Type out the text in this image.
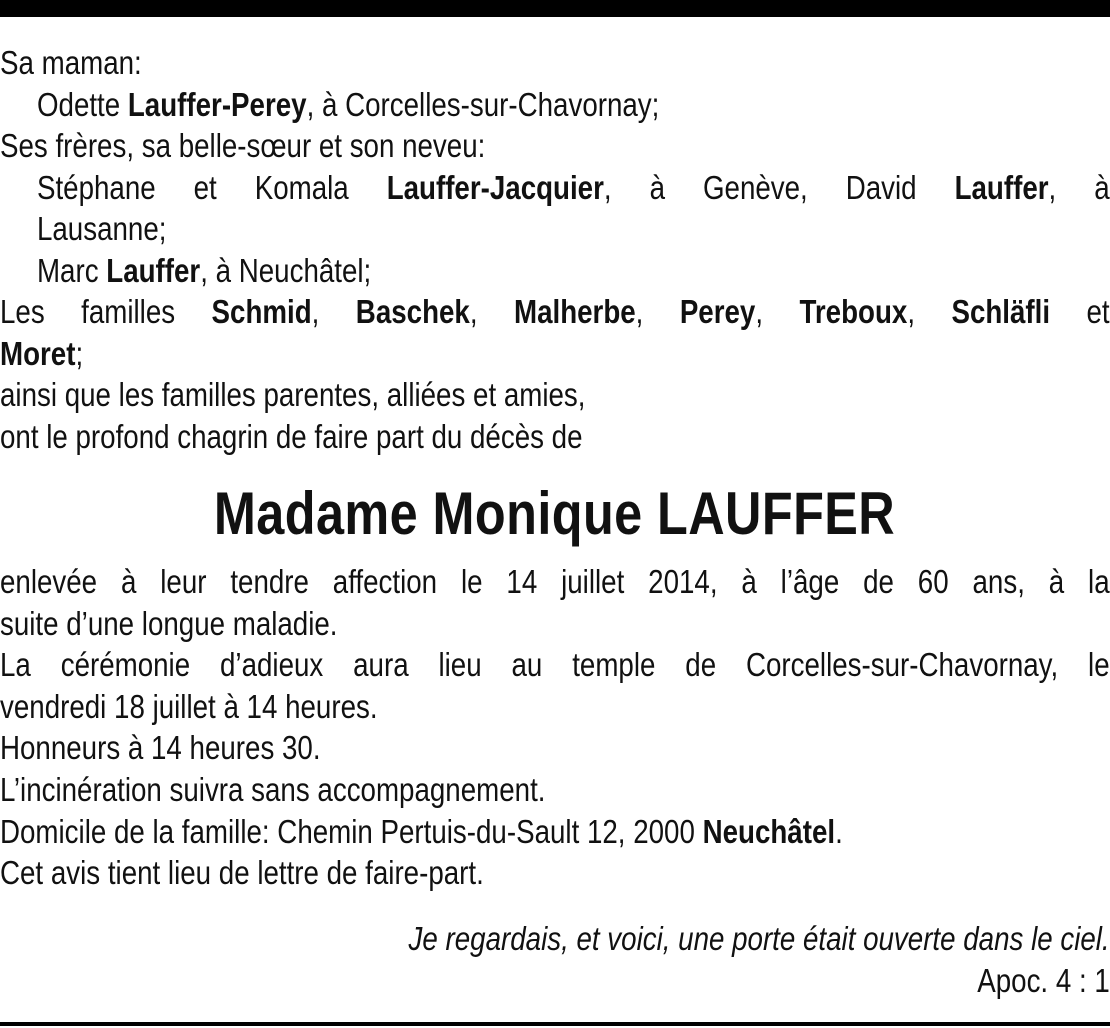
Sa maman:
Odette Lauffer-Perey, à Corcelles-sur-Chavornay;
Ses frères, sa belle-sœur et son neveu:
Stéphane et Komala Lauffer-Jacquier, à Genève, David Lauffer, à
Lausanne;
Marc Lauffer, à Neuchâtel;
Les familles Schmid, Baschek, Malherbe, Perey, Treboux, Schläfli et
Moret;
ainsi que les familles parentes, alliées et amies,
ont le profond chagrin de faire part du décès de
Madame Monique LAUFFER
enlevée à leur tendre affection le 14 juillet 2014, à l’âge de 60 ans, à la
suite d’une longue maladie.
La cérémonie d’adieux aura lieu au temple de Corcelles-sur-Chavornay, le
vendredi 18 juillet à 14 heures.
Honneurs à 14 heures 30.
L’incinération suivra sans accompagnement.
Domicile de la famille: Chemin Pertuis-du-Sault 12, 2000 Neuchâtel.
Cet avis tient lieu de lettre de faire-part.
Je regardais, et voici, une porte était ouverte dans le ciel.
Apoc. 4 : 1
